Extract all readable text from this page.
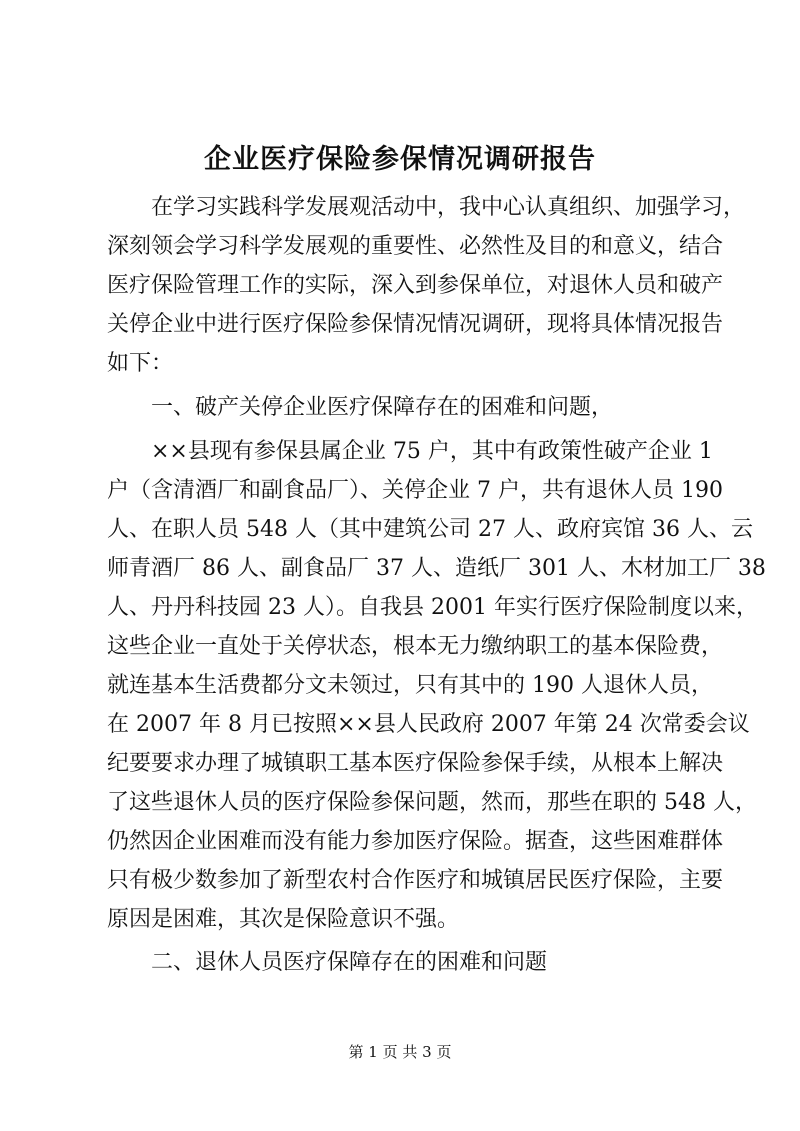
企业医疗保险参保情况调研报告
　　在学习实践科学发展观活动中，我中心认真组织、加强学习，
深刻领会学习科学发展观的重要性、必然性及目的和意义，结合
医疗保险管理工作的实际，深入到参保单位，对退休人员和破产
关停企业中进行医疗保险参保情况情况调研，现将具体情况报告
如下：
　　一、破产关停企业医疗保障存在的困难和问题，
　　××县现有参保县属企业 75 户，其中有政策性破产企业 1
户（含清酒厂和副食品厂）、关停企业 7 户，共有退休人员 190
人、在职人员 548 人（其中建筑公司 27 人、政府宾馆 36 人、云
师青酒厂 86 人、副食品厂 37 人、造纸厂 301 人、木材加工厂 38
人、丹丹科技园 23 人）。自我县 2001 年实行医疗保险制度以来，
这些企业一直处于关停状态，根本无力缴纳职工的基本保险费，
就连基本生活费都分文未领过，只有其中的 190 人退休人员，
在 2007 年 8 月已按照××县人民政府 2007 年第 24 次常委会议
纪要要求办理了城镇职工基本医疗保险参保手续，从根本上解决
了这些退休人员的医疗保险参保问题，然而，那些在职的 548 人，
仍然因企业困难而没有能力参加医疗保险。据查，这些困难群体
只有极少数参加了新型农村合作医疗和城镇居民医疗保险，主要
原因是困难，其次是保险意识不强。
　　二、退休人员医疗保障存在的困难和问题
第 1 页 共 3 页
